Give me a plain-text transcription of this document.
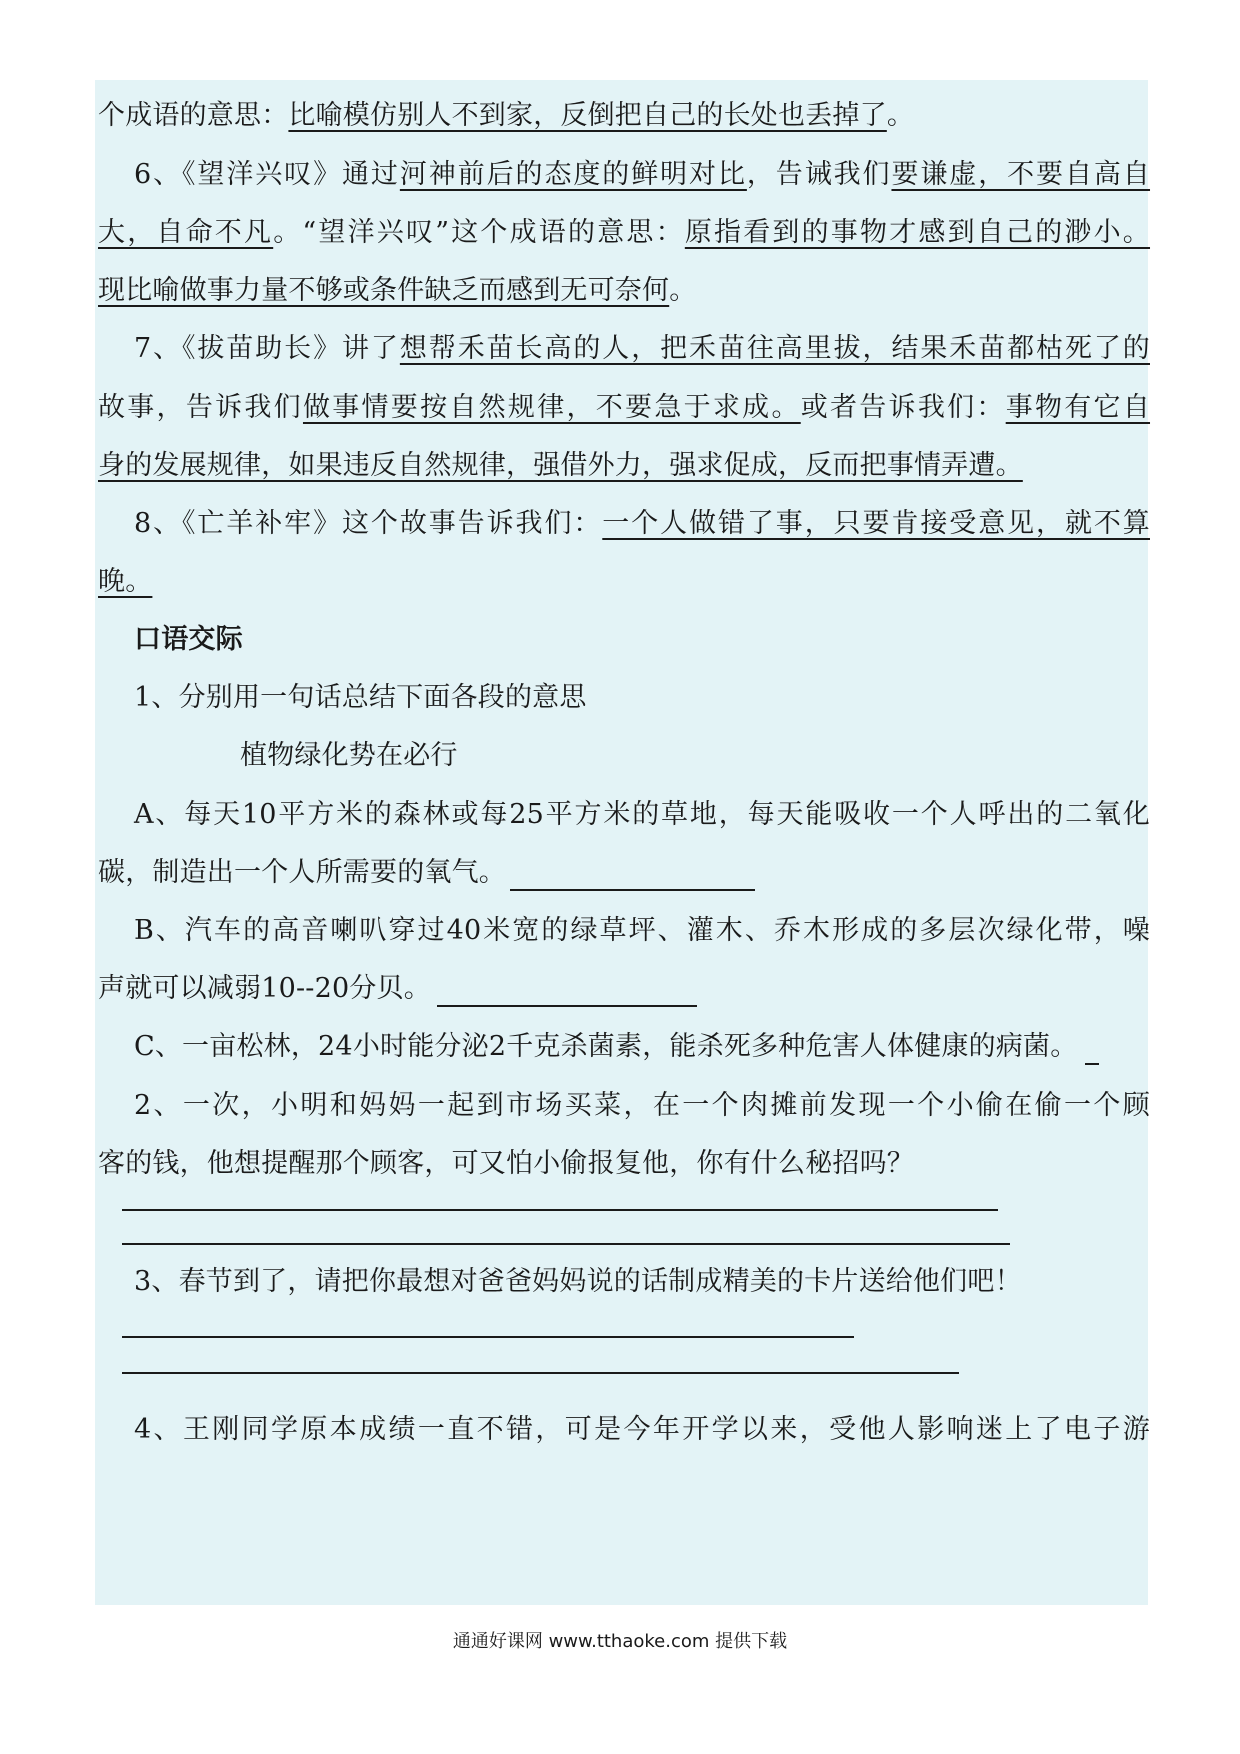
个成语的意思：比喻模仿别人不到家，反倒把自己的长处也丢掉了。
6、《望洋兴叹》通过河神前后的态度的鲜明对比，告诫我们要谦虚，不要自高自
大，自命不凡。“望洋兴叹”这个成语的意思：原指看到的事物才感到自己的渺小。
现比喻做事力量不够或条件缺乏而感到无可奈何。
7、《拔苗助长》讲了想帮禾苗长高的人，把禾苗往高里拔，结果禾苗都枯死了的
故事，告诉我们做事情要按自然规律，不要急于求成。或者告诉我们：事物有它自
身的发展规律，如果违反自然规律，强借外力，强求促成，反而把事情弄遭。
8、《亡羊补牢》这个故事告诉我们：一个人做错了事，只要肯接受意见，就不算
晚。
口语交际
1、分别用一句话总结下面各段的意思
植物绿化势在必行
A、每天10平方米的森林或每25平方米的草地，每天能吸收一个人呼出的二氧化
碳，制造出一个人所需要的氧气。
B、汽车的高音喇叭穿过40米宽的绿草坪、灌木、乔木形成的多层次绿化带，噪
声就可以减弱10--20分贝。
C、一亩松林，24小时能分泌2千克杀菌素，能杀死多种危害人体健康的病菌。
2、一次，小明和妈妈一起到市场买菜，在一个肉摊前发现一个小偷在偷一个顾
客的钱，他想提醒那个顾客，可又怕小偷报复他，你有什么秘招吗？
3、春节到了，请把你最想对爸爸妈妈说的话制成精美的卡片送给他们吧！
4、王刚同学原本成绩一直不错，可是今年开学以来，受他人影响迷上了电子游
通通好课网 www.tthaoke.com 提供下载
